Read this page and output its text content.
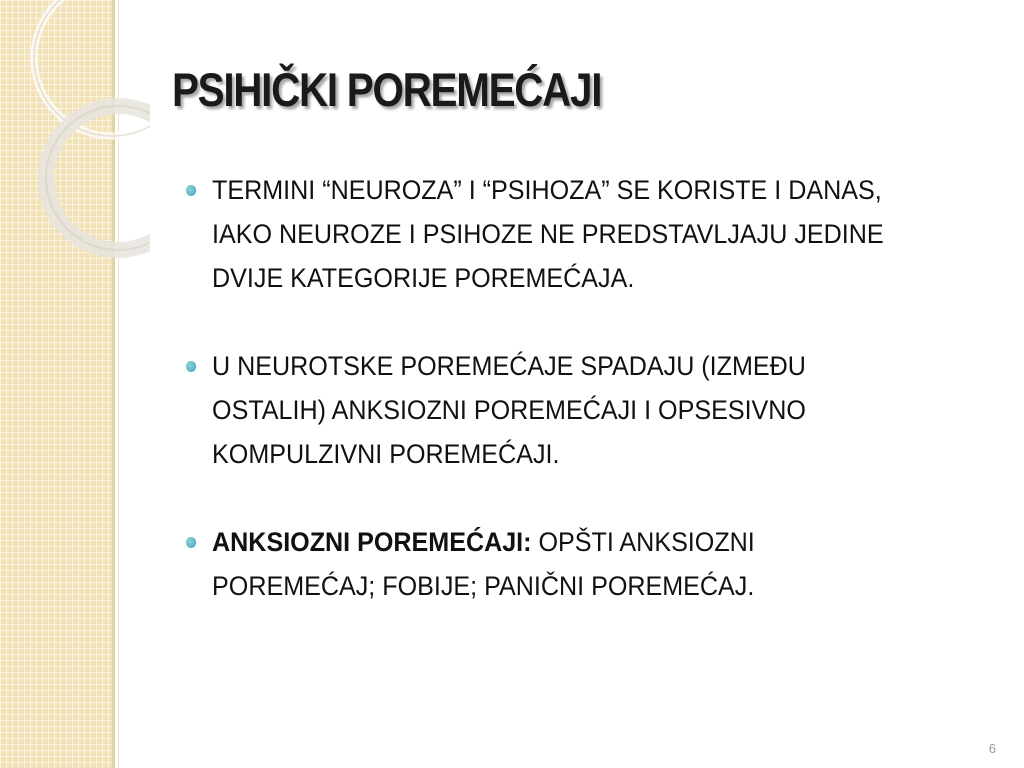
PSIHIČKI POREMEĆAJI
TERMINI “NEUROZA” I “PSIHOZA” SE KORISTE I DANAS, IAKO NEUROZE I PSIHOZE NE PREDSTAVLJAJU JEDINE DVIJE KATEGORIJE POREMEĆAJA.
U NEUROTSKE POREMEĆAJE SPADAJU (IZMEĐU OSTALIH) ANKSIOZNI POREMEĆAJI I OPSESIVNO KOMPULZIVNI POREMEĆAJI.
ANKSIOZNI POREMEĆAJI: OPŠTI ANKSIOZNI POREMEĆAJ; FOBIJE; PANIČNI POREMEĆAJ.
6
